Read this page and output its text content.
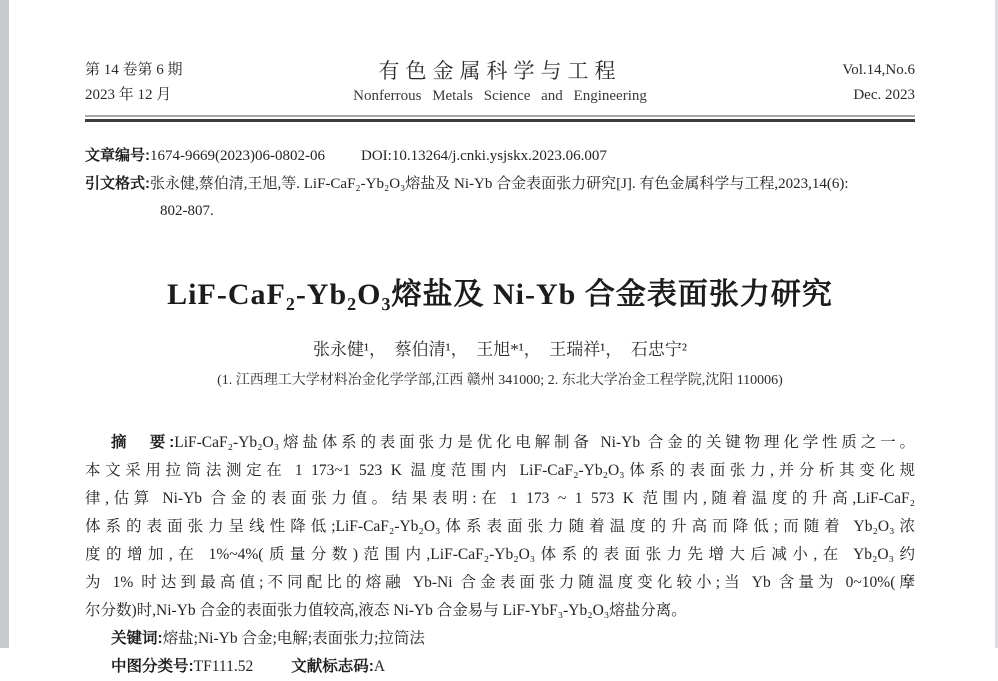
第 14 卷第 6 期
2023 年 12 月
有色金属科学与工程
Nonferrous Metals Science and Engineering
Vol.14,No.6
Dec. 2023
文章编号:1674-9669(2023)06-0802-06 DOI:10.13264/j.cnki.ysjskx.2023.06.007
引文格式:张永健,蔡伯清,王旭,等. LiF-CaF₂-Yb₂O₃熔盐及 Ni-Yb 合金表面张力研究[J]. 有色金属科学与工程,2023,14(6):
802-807.
LiF-CaF₂-Yb₂O₃熔盐及 Ni-Yb 合金表面张力研究
张永健¹，　蔡伯清¹，　王旭*¹，　王瑞祥¹，　石忠宁²
(1. 江西理工大学材料冶金化学学部,江西 赣州 341000; 2. 东北大学冶金工程学院,沈阳 110006)
摘　要:LiF-CaF₂-Yb₂O₃熔盐体系的表面张力是优化电解制备 Ni-Yb 合金的关键物理化学性质之一。
本文采用拉筒法测定在 1 173~1 523 K 温度范围内 LiF-CaF₂-Yb₂O₃体系的表面张力,并分析其变化规
律,估算 Ni-Yb 合金的表面张力值。结果表明:在 1 173 ~ 1 573 K 范围内,随着温度的升高,LiF-CaF₂
体系的表面张力呈线性降低;LiF-CaF₂-Yb₂O₃体系表面张力随着温度的升高而降低;而随着 Yb₂O₃浓
度的增加,在 1%~4%(质量分数)范围内,LiF-CaF₂-Yb₂O₃体系的表面张力先增大后减小,在 Yb₂O₃约
为 1% 时达到最高值;不同配比的熔融 Yb-Ni 合金表面张力随温度变化较小;当 Yb 含量为 0~10%(摩
尔分数)时,Ni-Yb 合金的表面张力值较高,液态 Ni-Yb 合金易与 LiF-YbF₃-Yb₂O₃熔盐分离。
关键词:熔盐;Ni-Yb 合金;电解;表面张力;拉筒法
中图分类号:TF111.52 文献标志码:A
